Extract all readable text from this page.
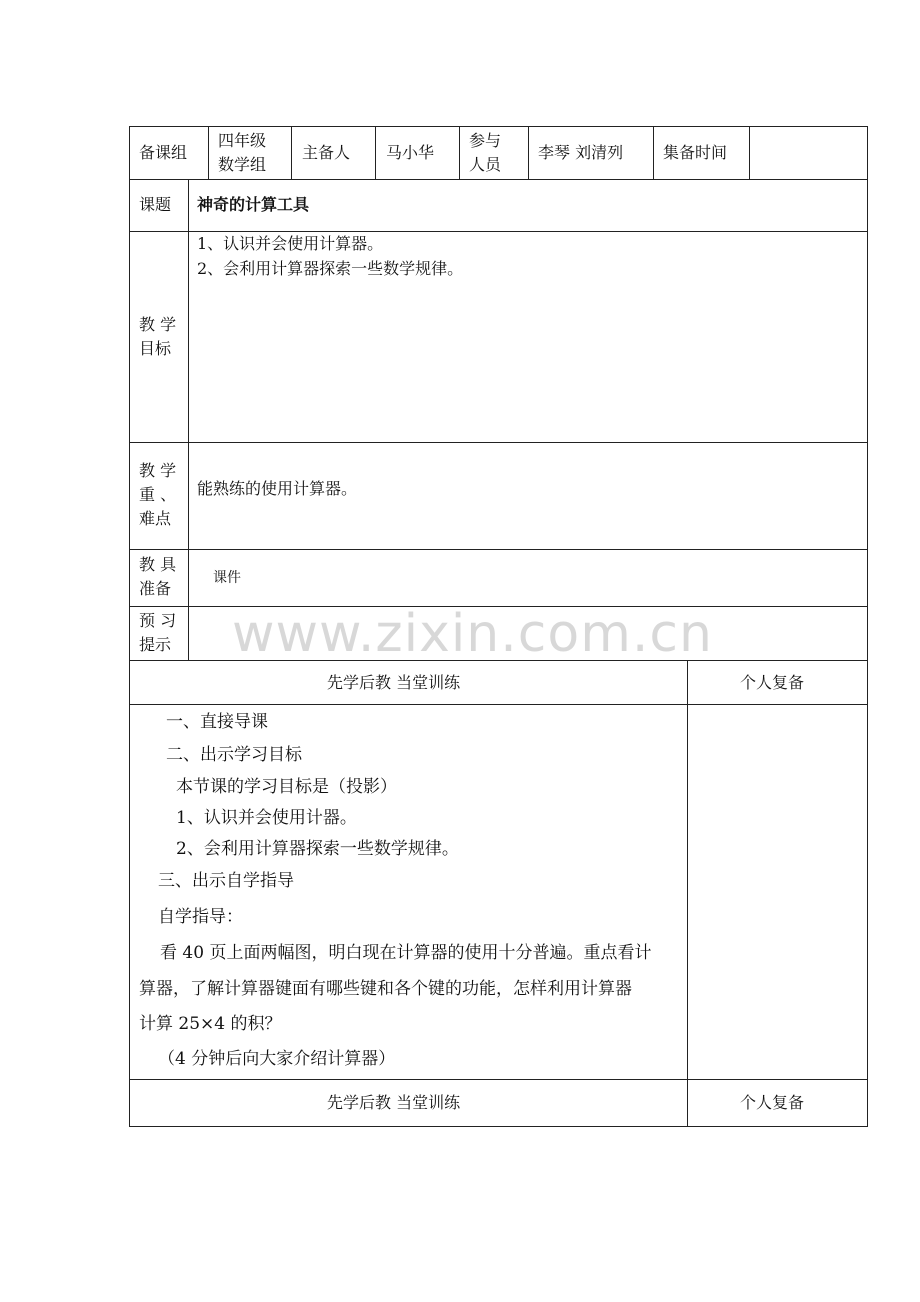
备课组
四年级
数学组
主备人 马小华
参与
人员
李琴 刘清列 集备时间
课题 神奇的计算工具
教 学
目标
1、认识并会使用计算器。
2、会利用计算器探索一些数学规律。
教 学
重 、
难点
能熟练的使用计算器。
教 具
准备
课件
预 习
提示
先学后教 当堂训练	个人复备
一、直接导课
二、出示学习目标
本节课的学习目标是（投影）
1、认识并会使用计器。
2、会利用计算器探索一些数学规律。
三、出示自学指导
自学指导：
看 40 页上面两幅图，明白现在计算器的使用十分普遍。重点看计
算器，了解计算器键面有哪些键和各个键的功能，怎样利用计算器
计算 25×4 的积？
（4 分钟后向大家介绍计算器）
先学后教 当堂训练	个人复备
www.zixin.com.cn
